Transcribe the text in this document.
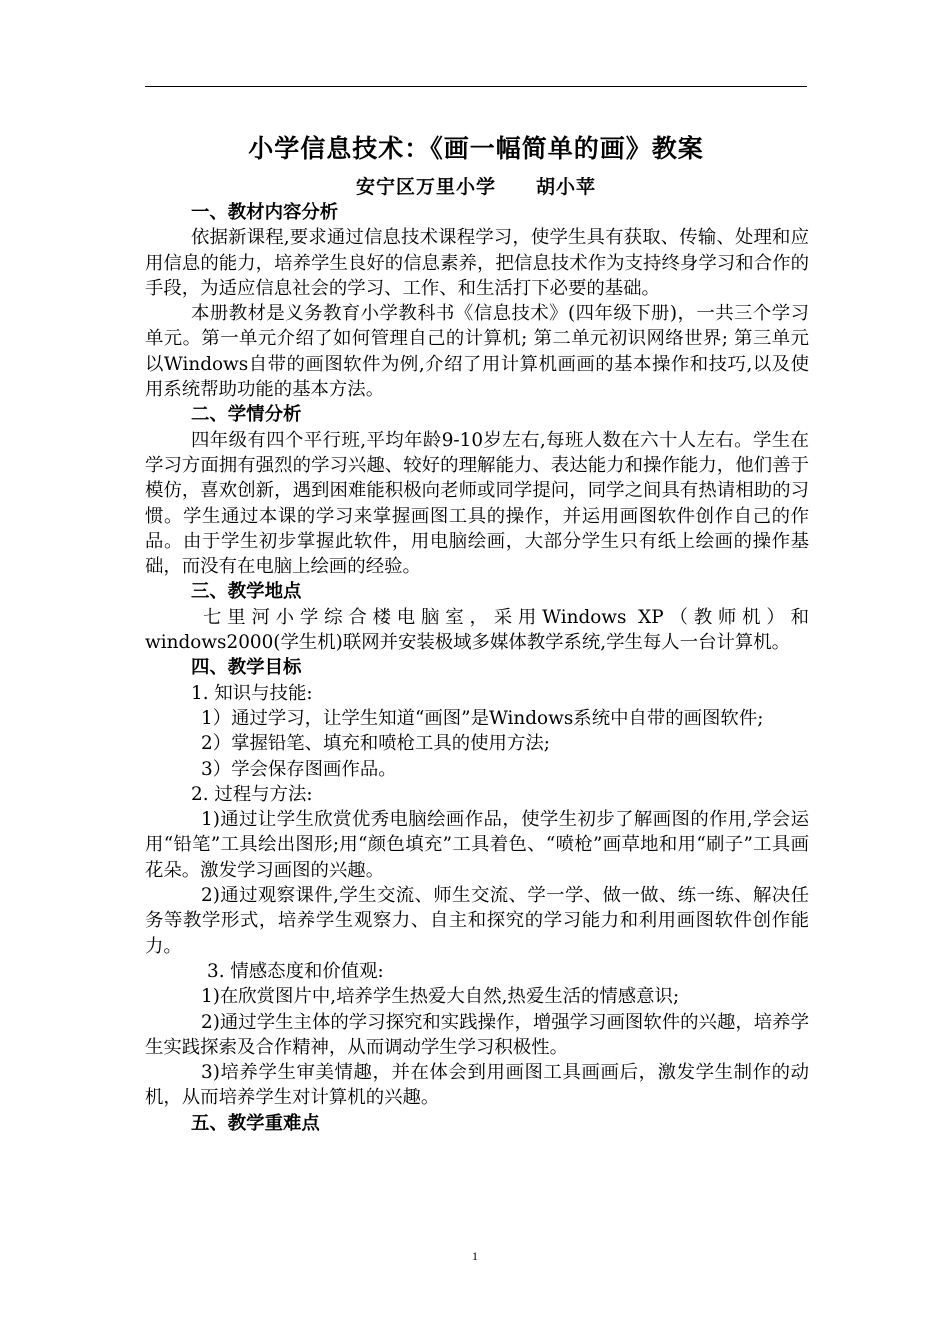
小学信息技术：《画一幅简单的画》教案
安宁区万里小学 胡小苹

一、教材内容分析

依据新课程,要求通过信息技术课程学习，使学生具有获取、传输、处理和应用信息的能力，培养学生良好的信息素养，把信息技术作为支持终身学习和合作的手段，为适应信息社会的学习、工作、和生活打下必要的基础。

本册教材是义务教育小学教科书《信息技术》(四年级下册)，一共三个学习单元。第一单元介绍了如何管理自己的计算机; 第二单元初识网络世界; 第三单元以Windows自带的画图软件为例,介绍了用计算机画画的基本操作和技巧,以及使用系统帮助功能的基本方法。

二、学情分析

四年级有四个平行班,平均年龄9-10岁左右,每班人数在六十人左右。学生在学习方面拥有强烈的学习兴趣、较好的理解能力、表达能力和操作能力，他们善于模仿，喜欢创新，遇到困难能积极向老师或同学提问，同学之间具有热请相助的习惯。学生通过本课的学习来掌握画图工具的操作，并运用画图软件创作自己的作品。由于学生初步掌握此软件，用电脑绘画，大部分学生只有纸上绘画的操作基础，而没有在电脑上绘画的经验。

三、教学地点

七里河小学综合楼电脑室，采用Windows XP（教师机）和windows2000(学生机)联网并安装极域多媒体教学系统,学生每人一台计算机。

四、教学目标

1. 知识与技能:

1）通过学习，让学生知道“画图”是Windows系统中自带的画图软件;

2）掌握铅笔、填充和喷枪工具的使用方法;

3）学会保存图画作品。

2. 过程与方法:

1)通过让学生欣赏优秀电脑绘画作品，使学生初步了解画图的作用,学会运用“铅笔”工具绘出图形;用“颜色填充”工具着色、“喷枪”画草地和用“刷子”工具画花朵。激发学习画图的兴趣。

2)通过观察课件,学生交流、师生交流、学一学、做一做、练一练、解决任务等教学形式，培养学生观察力、自主和探究的学习能力和利用画图软件创作能力。

3. 情感态度和价值观:

1)在欣赏图片中,培养学生热爱大自然,热爱生活的情感意识;

2)通过学生主体的学习探究和实践操作，增强学习画图软件的兴趣，培养学生实践探索及合作精神，从而调动学生学习积极性。

3)培养学生审美情趣，并在体会到用画图工具画画后，激发学生制作的动机，从而培养学生对计算机的兴趣。

五、教学重难点

1
